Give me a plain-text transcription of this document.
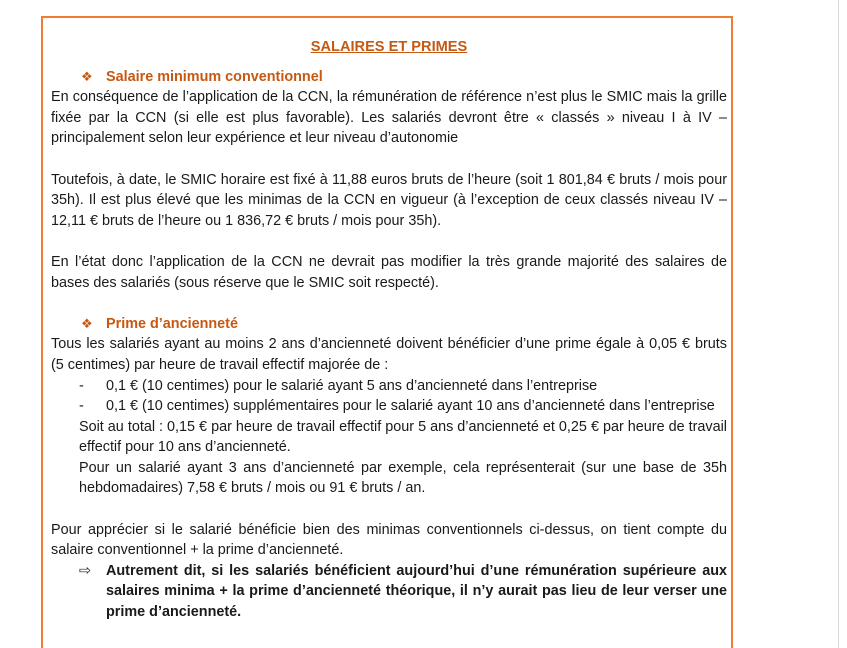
SALAIRES ET PRIMES
❖ Salaire minimum conventionnel

En conséquence de l’application de la CCN, la rémunération de référence n’est plus le SMIC mais la grille fixée par la CCN (si elle est plus favorable). Les salariés devront être « classés » niveau I à IV – principalement selon leur expérience et leur niveau d’autonomie

Toutefois, à date, le SMIC horaire est fixé à 11,88 euros bruts de l’heure (soit 1 801,84 € bruts / mois pour 35h). Il est plus élevé que les minimas de la CCN en vigueur (à l’exception de ceux classés niveau IV – 12,11 € bruts de l’heure ou 1 836,72 € bruts / mois pour 35h).

En l’état donc l’application de la CCN ne devrait pas modifier la très grande majorité des salaires de bases des salariés (sous réserve que le SMIC soit respecté).

❖ Prime d’ancienneté

Tous les salariés ayant au moins 2 ans d’ancienneté doivent bénéficier d’une prime égale à 0,05 € bruts (5 centimes) par heure de travail effectif majorée de :

-	0,1 € (10 centimes) pour le salarié ayant 5 ans d’ancienneté dans l’entreprise
-	0,1 € (10 centimes) supplémentaires pour le salarié ayant 10 ans d’ancienneté dans l’entreprise

Soit au total : 0,15 € par heure de travail effectif pour 5 ans d’ancienneté et 0,25 € par heure de travail effectif pour 10 ans d’ancienneté.

Pour un salarié ayant 3 ans d’ancienneté par exemple, cela représenterait (sur une base de 35h hebdomadaires) 7,58 € bruts / mois ou 91 € bruts / an.

Pour apprécier si le salarié bénéficie bien des minimas conventionnels ci-dessus, on tient compte du salaire conventionnel + la prime d’ancienneté.

⇨	Autrement dit, si les salariés bénéficient aujourd’hui d’une rémunération supérieure aux salaires minima + la prime d’ancienneté théorique, il n’y aurait pas lieu de leur verser une prime d’ancienneté.
